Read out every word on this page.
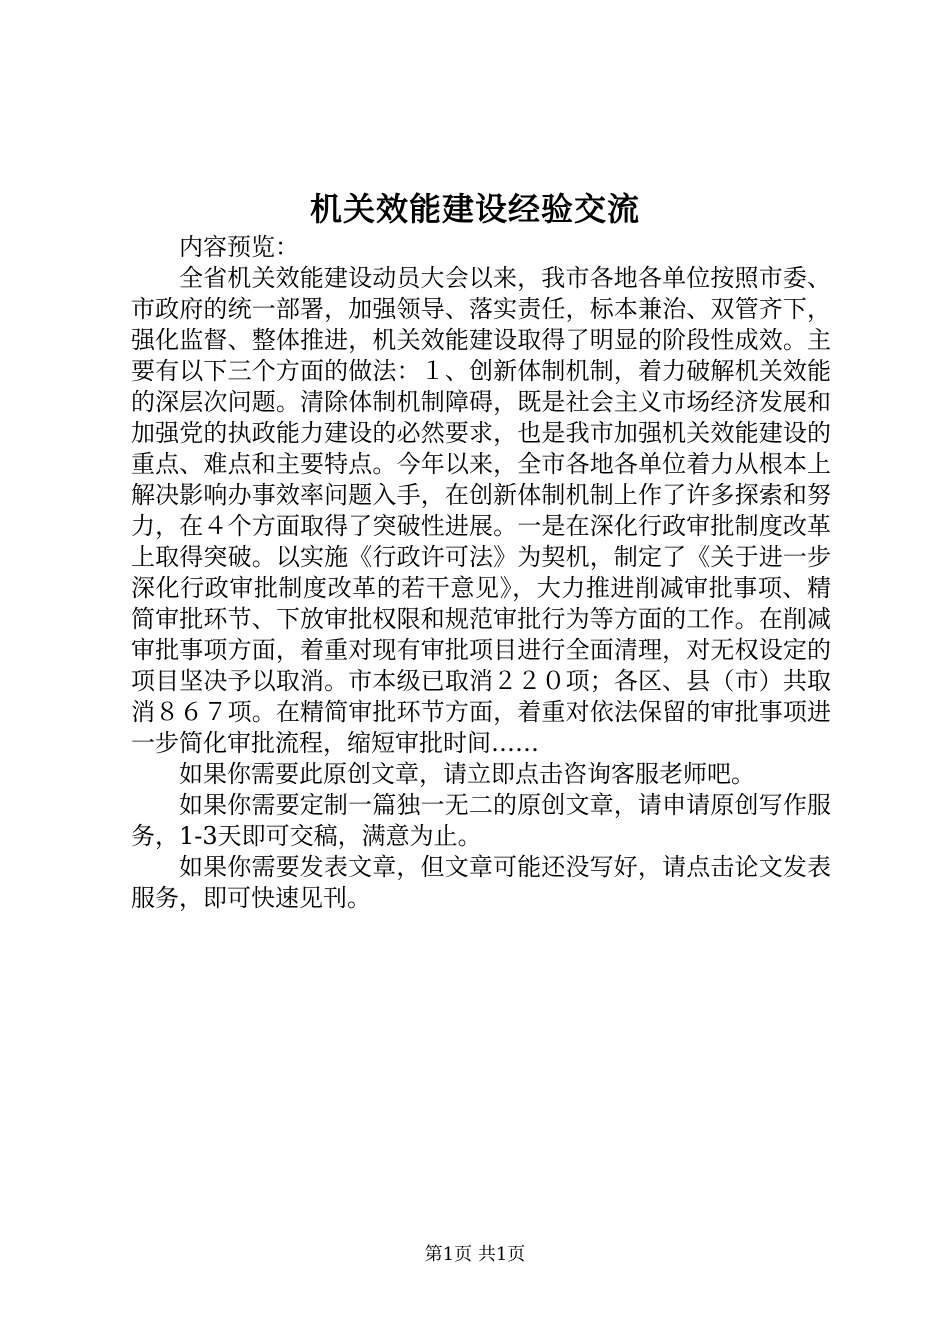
机关效能建设经验交流

内容预览：

全省机关效能建设动员大会以来，我市各地各单位按照市委、市政府的统一部署，加强领导、落实责任，标本兼治、双管齐下，强化监督、整体推进，机关效能建设取得了明显的阶段性成效。主要有以下三个方面的做法：１、创新体制机制，着力破解机关效能的深层次问题。清除体制机制障碍，既是社会主义市场经济发展和加强党的执政能力建设的必然要求，也是我市加强机关效能建设的重点、难点和主要特点。今年以来，全市各地各单位着力从根本上解决影响办事效率问题入手，在创新体制机制上作了许多探索和努力，在４个方面取得了突破性进展。一是在深化行政审批制度改革上取得突破。以实施《行政许可法》为契机，制定了《关于进一步深化行政审批制度改革的若干意见》，大力推进削减审批事项、精简审批环节、下放审批权限和规范审批行为等方面的工作。在削减审批事项方面，着重对现有审批项目进行全面清理，对无权设定的项目坚决予以取消。市本级已取消２２０项；各区、县（市）共取消８６７项。在精简审批环节方面，着重对依法保留的审批事项进一步简化审批流程，缩短审批时间……

如果你需要此原创文章，请立即点击咨询客服老师吧。

如果你需要定制一篇独一无二的原创文章，请申请原创写作服务，1-3天即可交稿，满意为止。

如果你需要发表文章，但文章可能还没写好，请点击论文发表服务，即可快速见刊。

第1页 共1页
